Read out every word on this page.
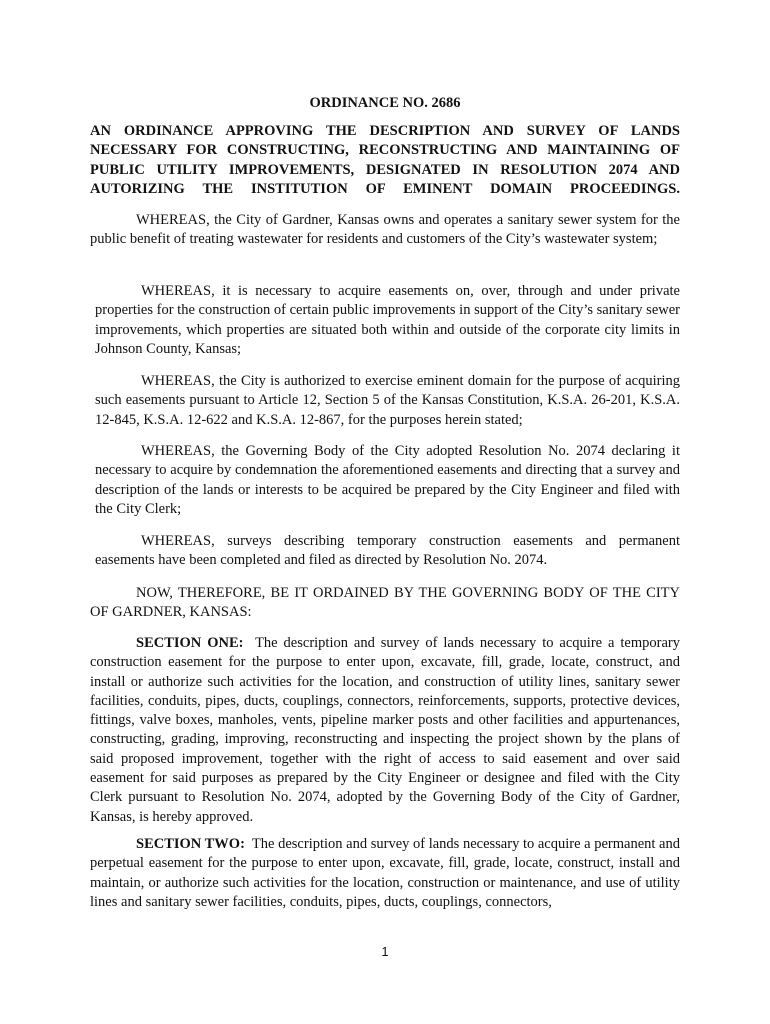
ORDINANCE NO. 2686
AN ORDINANCE APPROVING THE DESCRIPTION AND SURVEY OF LANDS NECESSARY FOR CONSTRUCTING, RECONSTRUCTING AND MAINTAINING OF PUBLIC UTILITY IMPROVEMENTS, DESIGNATED IN RESOLUTION 2074 AND AUTORIZING THE INSTITUTION OF EMINENT DOMAIN PROCEEDINGS.
WHEREAS, the City of Gardner, Kansas owns and operates a sanitary sewer system for the public benefit of treating wastewater for residents and customers of the City’s wastewater system;
WHEREAS, it is necessary to acquire easements on, over, through and under private properties for the construction of certain public improvements in support of the City’s sanitary sewer improvements, which properties are situated both within and outside of the corporate city limits in Johnson County, Kansas;
WHEREAS, the City is authorized to exercise eminent domain for the purpose of acquiring such easements pursuant to Article 12, Section 5 of the Kansas Constitution, K.S.A. 26-201, K.S.A. 12-845, K.S.A. 12-622 and K.S.A. 12-867, for the purposes herein stated;
WHEREAS, the Governing Body of the City adopted Resolution No. 2074 declaring it necessary to acquire by condemnation the aforementioned easements and directing that a survey and description of the lands or interests to be acquired be prepared by the City Engineer and filed with the City Clerk;
WHEREAS, surveys describing temporary construction easements and permanent easements have been completed and filed as directed by Resolution No. 2074.
NOW, THEREFORE, BE IT ORDAINED BY THE GOVERNING BODY OF THE CITY OF GARDNER, KANSAS:
SECTION ONE: The description and survey of lands necessary to acquire a temporary construction easement for the purpose to enter upon, excavate, fill, grade, locate, construct, and install or authorize such activities for the location, and construction of utility lines, sanitary sewer facilities, conduits, pipes, ducts, couplings, connectors, reinforcements, supports, protective devices, fittings, valve boxes, manholes, vents, pipeline marker posts and other facilities and appurtenances, constructing, grading, improving, reconstructing and inspecting the project shown by the plans of said proposed improvement, together with the right of access to said easement and over said easement for said purposes as prepared by the City Engineer or designee and filed with the City Clerk pursuant to Resolution No. 2074, adopted by the Governing Body of the City of Gardner, Kansas, is hereby approved.
SECTION TWO: The description and survey of lands necessary to acquire a permanent and perpetual easement for the purpose to enter upon, excavate, fill, grade, locate, construct, install and maintain, or authorize such activities for the location, construction or maintenance, and use of utility lines and sanitary sewer facilities, conduits, pipes, ducts, couplings, connectors,
1
